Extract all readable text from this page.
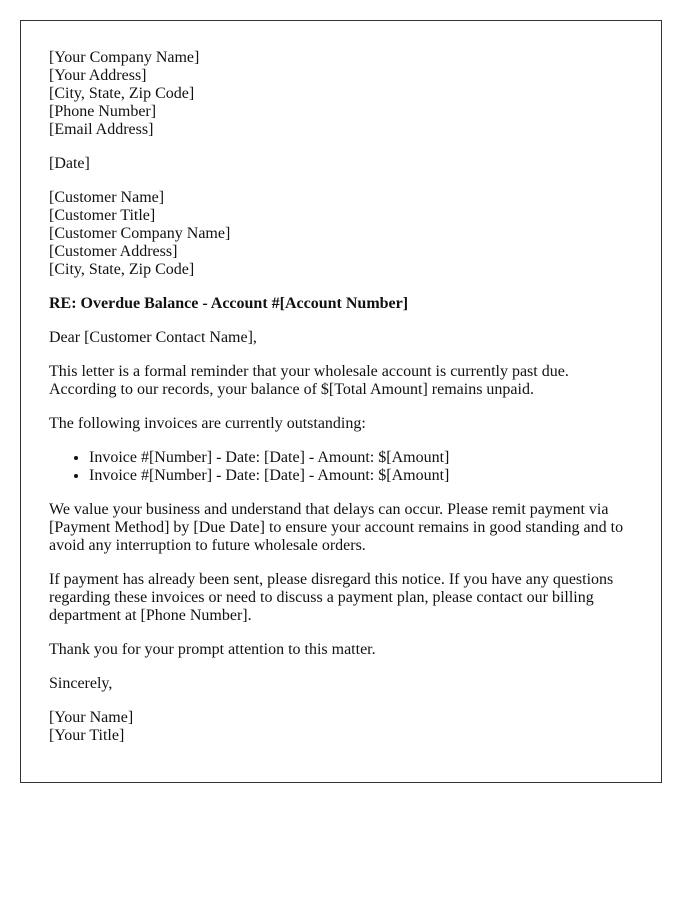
[Your Company Name]
[Your Address]
[City, State, Zip Code]
[Phone Number]
[Email Address]

[Date]

[Customer Name]
[Customer Title]
[Customer Company Name]
[Customer Address]
[City, State, Zip Code]

RE: Overdue Balance - Account #[Account Number]

Dear [Customer Contact Name],

This letter is a formal reminder that your wholesale account is currently past due. According to our records, your balance of $[Total Amount] remains unpaid.

The following invoices are currently outstanding:

• Invoice #[Number] - Date: [Date] - Amount: $[Amount]
• Invoice #[Number] - Date: [Date] - Amount: $[Amount]

We value your business and understand that delays can occur. Please remit payment via [Payment Method] by [Due Date] to ensure your account remains in good standing and to avoid any interruption to future wholesale orders.

If payment has already been sent, please disregard this notice. If you have any questions regarding these invoices or need to discuss a payment plan, please contact our billing department at [Phone Number].

Thank you for your prompt attention to this matter.

Sincerely,

[Your Name]
[Your Title]
